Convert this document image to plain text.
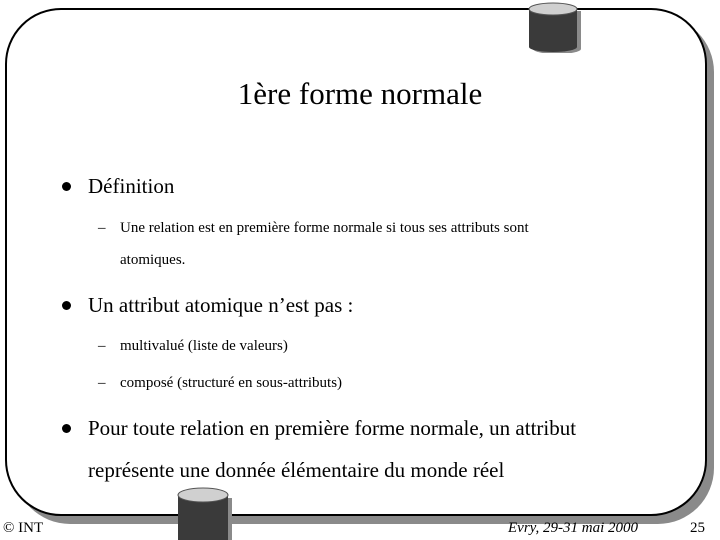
1ère forme normale
Définition
– Une relation est en première forme normale si tous ses attributs sont
atomiques.
Un attribut atomique n’est pas :
– multivalué (liste de valeurs)
– composé (structuré en sous-attributs)
Pour toute relation en première forme normale, un attribut
représente une donnée élémentaire du monde réel
© INT	Evry, 29-31 mai 2000	25
